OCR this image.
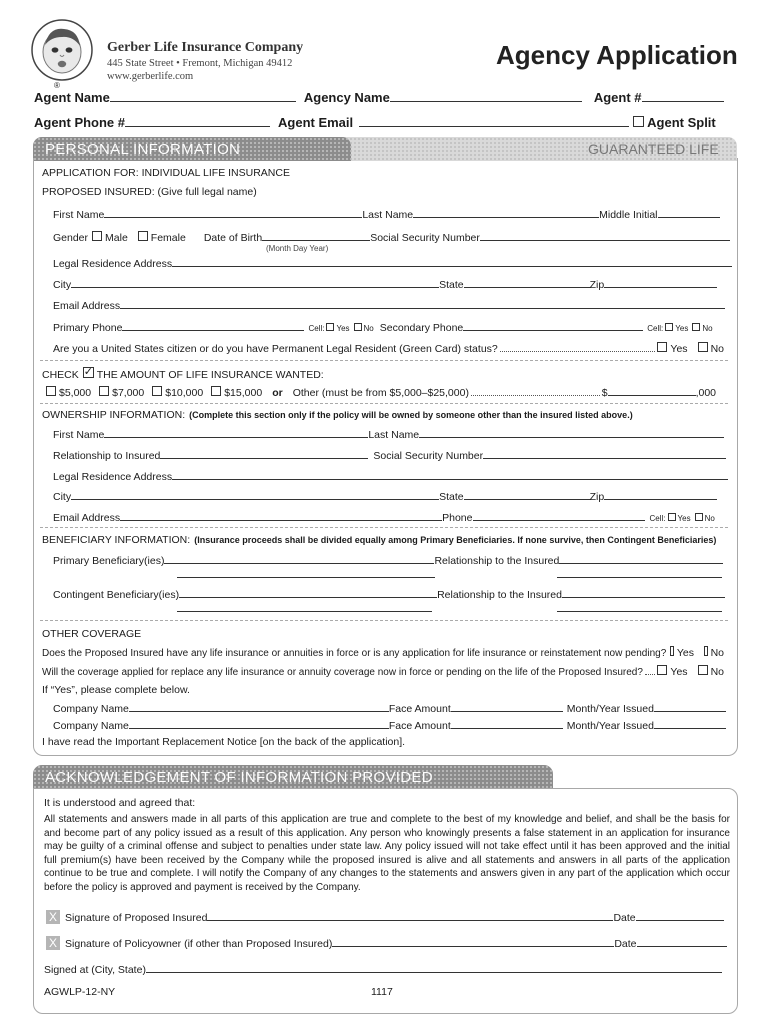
®
Gerber Life Insurance Company
445 State Street • Fremont, Michigan 49412
www.gerberlife.com
Agency Application
Agent Name	Agency Name	Agent #
Agent Phone #	Agent Email	Agent Split
PERSONAL INFORMATION	GUARANTEED LIFE
APPLICATION FOR: INDIVIDUAL LIFE INSURANCE
PROPOSED INSURED: (Give full legal name)
First Name	Last Name	Middle Initial
Gender Male Female Date of Birth	Social Security Number
(Month Day Year)
Legal Residence Address
City	State	Zip
Email Address
Primary Phone	Cell: Yes No Secondary Phone	Cell: Yes No
Are you a United States citizen or do you have Permanent Legal Resident (Green Card) status?	Yes No
CHECK ✓ THE AMOUNT OF LIFE INSURANCE WANTED:
$5,000 $7,000 $10,000 $15,000 or Other (must be from $5,000–$25,000)	$	,000
OWNERSHIP INFORMATION: (Complete this section only if the policy will be owned by someone other than the insured listed above.)
First Name	Last Name
Relationship to Insured	Social Security Number
Legal Residence Address
City	State	Zip
Email Address	Phone	Cell: Yes No
BENEFICIARY INFORMATION : (Insurance proceeds shall be divided equally among Primary Beneficiaries. If none survive, then Contingent Beneficiaries)
Primary Beneficiary(ies)	Relationship to the Insured
Contingent Beneficiary(ies)	Relationship to the Insured
OTHER COVERAGE
Does the Proposed Insured have any life insurance or annuities in force or is any application for life insurance or reinstatement now pending? Yes No
Will the coverage applied for replace any life insurance or annuity coverage now in force or pending on the life of the Proposed Insured?	Yes No
If “Yes”, please complete below.
Company Name	Face Amount	Month/Year Issued
Company Name	Face Amount	Month/Year Issued
I have read the Important Replacement Notice [on the back of the application].
ACKNOWLEDGEMENT OF INFORMATION PROVIDED
It is understood and agreed that:
All statements and answers made in all parts of this application are true and complete to the best of my knowledge and belief, and shall be the basis for and become part of any policy issued as a result of this application. Any person who knowingly presents a false statement in an application for insurance may be guilty of a criminal offense and subject to penalties under state law. Any policy issued will not take effect until it has been approved and the initial full premium(s) have been received by the Company while the proposed insured is alive and all statements and answers in all parts of the application continue to be true and complete. I will notify the Company of any changes to the statements and answers given in any part of the application which occur before the policy is approved and payment is received by the Company.
X Signature of Proposed Insured	Date
X Signature of Policyowner (if other than Proposed Insured)	Date
Signed at (City, State)
AGWLP-12-NY	1117
